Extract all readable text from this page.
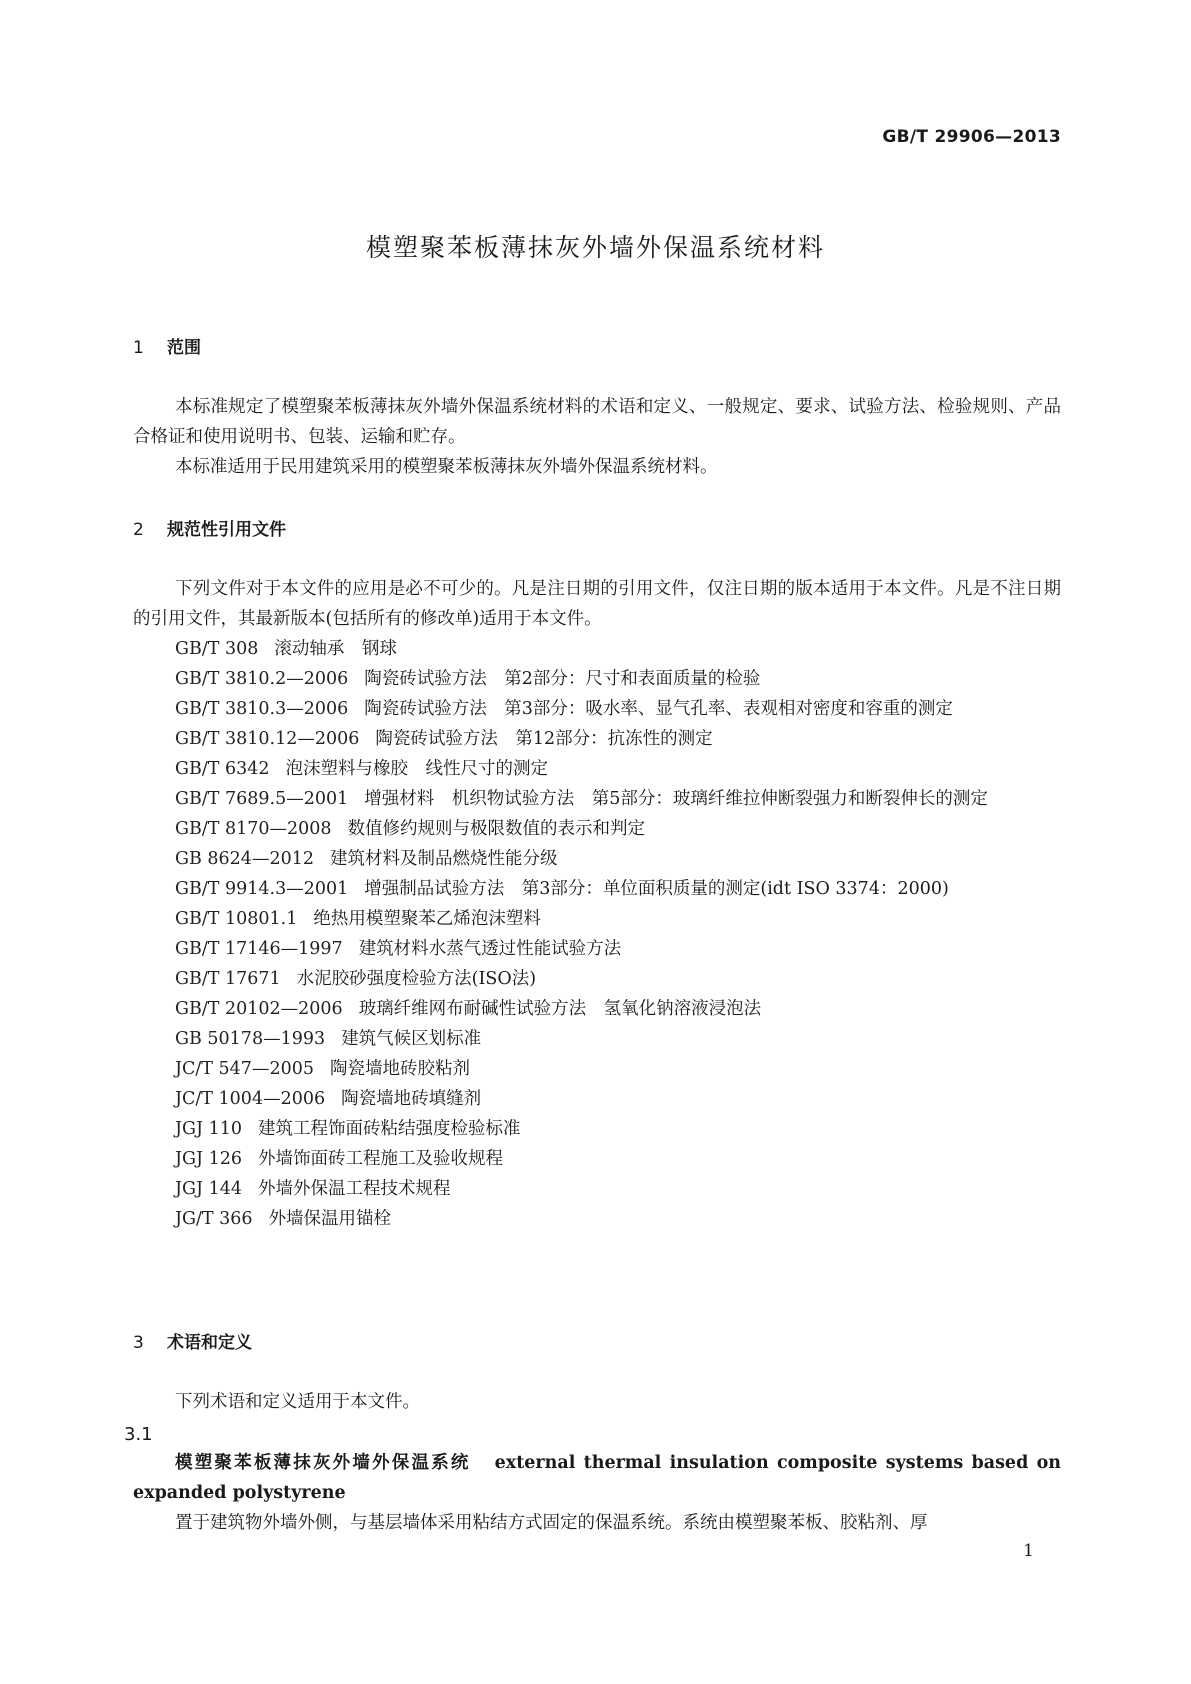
GB/T 29906—2013
模塑聚苯板薄抹灰外墙外保温系统材料
1 范围

本标准规定了模塑聚苯板薄抹灰外墙外保温系统材料的术语和定义、一般规定、要求、试验方法、检验规则、产品合格证和使用说明书、包装、运输和贮存。

本标准适用于民用建筑采用的模塑聚苯板薄抹灰外墙外保温系统材料。

2 规范性引用文件

下列文件对于本文件的应用是必不可少的。凡是注日期的引用文件，仅注日期的版本适用于本文件。凡是不注日期的引用文件，其最新版本(包括所有的修改单)适用于本文件。

GB/T 308 滚动轴承　钢球
GB/T 3810.2—2006 陶瓷砖试验方法　第2部分：尺寸和表面质量的检验
GB/T 3810.3—2006 陶瓷砖试验方法　第3部分：吸水率、显气孔率、表观相对密度和容重的测定
GB/T 3810.12—2006 陶瓷砖试验方法　第12部分：抗冻性的测定
GB/T 6342 泡沫塑料与橡胶　线性尺寸的测定
GB/T 7689.5—2001 增强材料　机织物试验方法　第5部分：玻璃纤维拉伸断裂强力和断裂伸长的测定
GB/T 8170—2008 数值修约规则与极限数值的表示和判定
GB 8624—2012 建筑材料及制品燃烧性能分级
GB/T 9914.3—2001 增强制品试验方法　第3部分：单位面积质量的测定(idt ISO 3374：2000)
GB/T 10801.1 绝热用模塑聚苯乙烯泡沫塑料
GB/T 17146—1997 建筑材料水蒸气透过性能试验方法
GB/T 17671 水泥胶砂强度检验方法(ISO法)
GB/T 20102—2006 玻璃纤维网布耐碱性试验方法　氢氧化钠溶液浸泡法
GB 50178—1993 建筑气候区划标准
JC/T 547—2005 陶瓷墙地砖胶粘剂
JC/T 1004—2006 陶瓷墙地砖填缝剂
JGJ 110 建筑工程饰面砖粘结强度检验标准
JGJ 126 外墙饰面砖工程施工及验收规程
JGJ 144 外墙外保温工程技术规程
JG/T 366 外墙保温用锚栓
3 术语和定义

下列术语和定义适用于本文件。

3.1

模塑聚苯板薄抹灰外墙外保温系统 external thermal insulation composite systems based on expanded polystyrene

置于建筑物外墙外侧，与基层墙体采用粘结方式固定的保温系统。系统由模塑聚苯板、胶粘剂、厚

1
